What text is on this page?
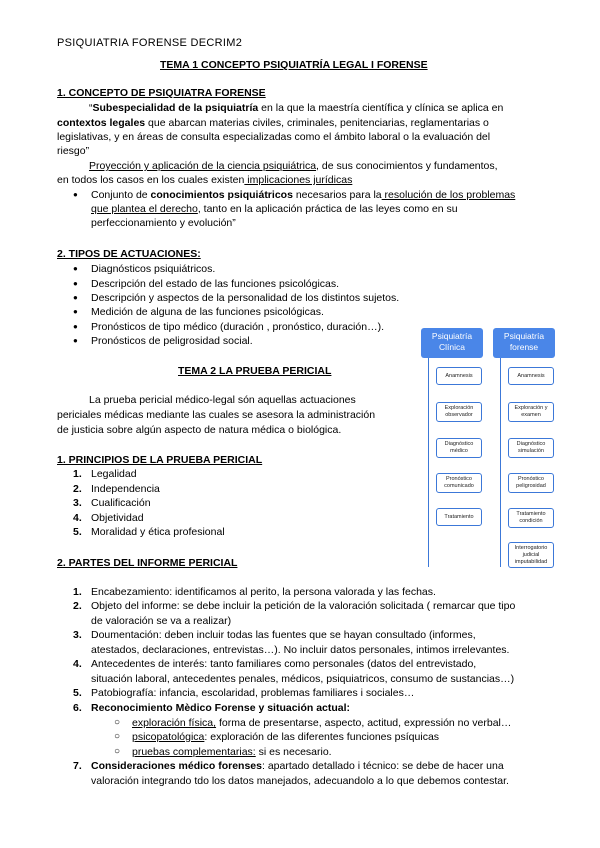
PSIQUIATRIA FORENSE DECRIM2
TEMA 1 CONCEPTO PSIQUIATRÍA LEGAL I FORENSE
1. CONCEPTO DE PSIQUIATRA FORENSE
“Subespecialidad de la psiquiatría en la que la maestría científica y clínica se aplica en
contextos legales que abarcan materias civiles, criminales, penitenciarias, reglamentarias o
legislativas, y en áreas de consulta especializadas como el ámbito laboral o la evaluación del
riesgo”
Proyección y aplicación de la ciencia psiquiátrica, de sus conocimientos y fundamentos,
en todos los casos en los cuales existen implicaciones jurídicas
Conjunto de conocimientos psiquiátricos necesarios para la resolución de los problemas
que plantea el derecho, tanto en la aplicación práctica de las leyes como en su
perfeccionamiento y evolución”
2. TIPOS DE ACTUACIONES:
Diagnósticos psiquiátricos.
Descripción del estado de las funciones psicológicas.
Descripción y aspectos de la personalidad de los distintos sujetos.
Medición de alguna de las funciones psicológicas.
Pronósticos de tipo médico (duración , pronóstico, duración…).
Pronósticos de peligrosidad social.
TEMA 2 LA PRUEBA PERICIAL
La prueba pericial médico-legal són aquellas actuaciones
periciales médicas mediante las cuales se asesora la administración
de justicia sobre algún aspecto de natura médica o biológica.
1. PRINCIPIOS DE LA PRUEBA PERICIAL
1. Legalidad
2. Independencia
3. Cualificación
4. Objetividad
5. Moralidad y ética profesional
2. PARTES DEL INFORME PERICIAL
1. Encabezamiento: identificamos al perito, la persona valorada y las fechas.
2. Objeto del informe: se debe incluir la petición de la valoración solicitada ( remarcar que tipo
de valoración se va a realizar)
3. Doumentación: deben incluir todas las fuentes que se hayan consultado (informes,
atestados, declaraciones, entrevistas…). No incluir datos personales, intimos irrelevantes.
4. Antecedentes de interés: tanto familiares como personales (datos del entrevistado,
situación laboral, antecedentes penales, médicos, psiquiatricos, consumo de sustancias…)
5. Patobiografía: infancia, escolaridad, problemas familiares i sociales…
6. Reconocimiento Mèdico Forense y situación actual:
○ exploración física, forma de presentarse, aspecto, actitud, expressión no verbal…
○ psicopatológica: exploración de las diferentes funciones psíquicas
○ pruebas complementarias: si es necesario.
7. Consideraciones médico forenses: apartado detallado i técnico: se debe de hacer una
valoración integrando tdo los datos manejados, adecuandolo a lo que debemos contestar.
Psiquiatría Clínica
Psiquiatría forense
Anamnesis
Exploración observador
Diagnóstico médico
Pronóstico comunicado
Tratamiento
Anamnesis
Exploración y examen
Diagnóstico simulación
Pronóstico peligrosidad
Tratamiento condición
Interrogatorio judicial imputabilidad
